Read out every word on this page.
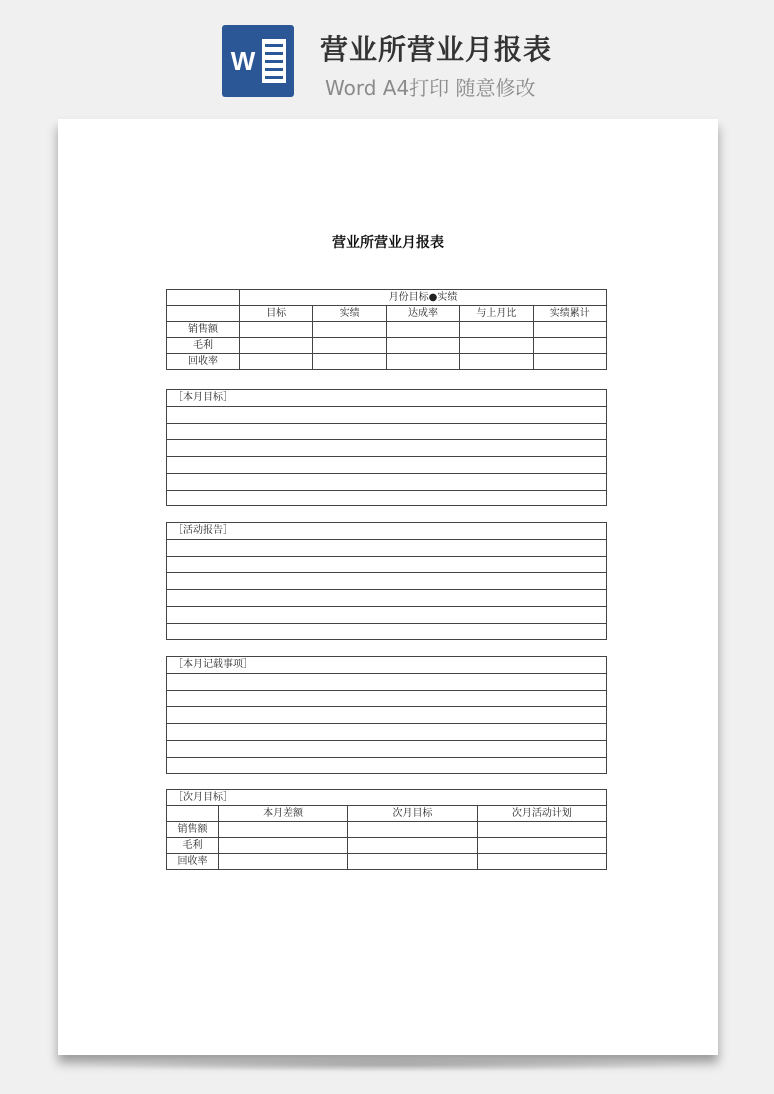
W 营业所营业月报表
Word A4打印 随意修改
营业所营业月报表
	月份目标●实绩				
	目标	实绩	达成率	与上月比	实绩累计
销售额					
毛利					
回收率					
［本月目标］
［活动报告］
［本月记载事项］
［次月目标］			
	本月差额	次月目标	次月活动计划
销售额			
毛利			
回收率			
